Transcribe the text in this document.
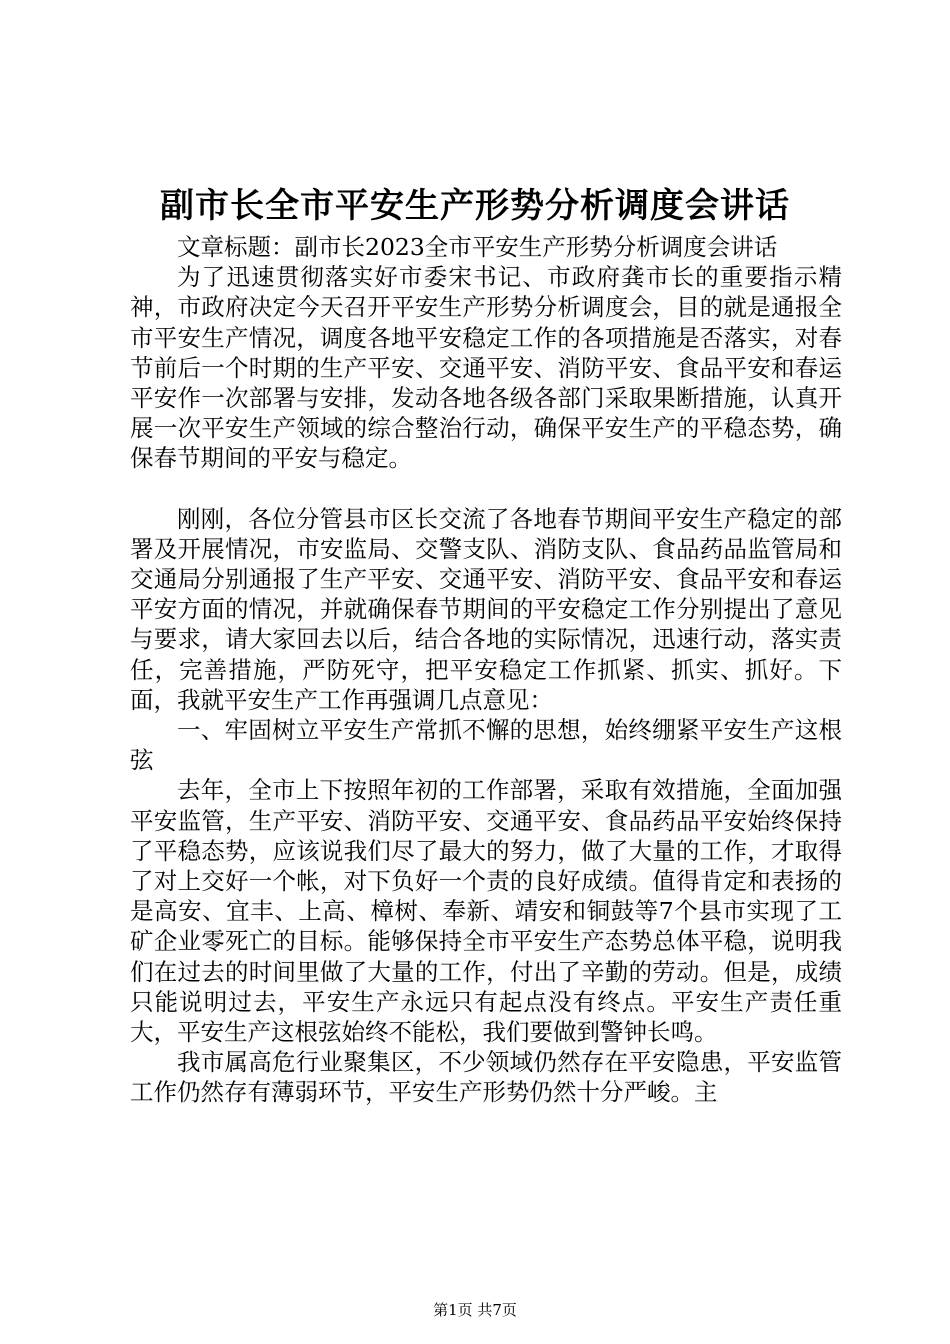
副市长全市平安生产形势分析调度会讲话

文章标题：副市长2023全市平安生产形势分析调度会讲话

为了迅速贯彻落实好市委宋书记、市政府龚市长的重要指示精神，市政府决定今天召开平安生产形势分析调度会，目的就是通报全市平安生产情况，调度各地平安稳定工作的各项措施是否落实，对春节前后一个时期的生产平安、交通平安、消防平安、食品平安和春运平安作一次部署与安排，发动各地各级各部门采取果断措施，认真开展一次平安生产领域的综合整治行动，确保平安生产的平稳态势，确保春节期间的平安与稳定。

刚刚，各位分管县市区长交流了各地春节期间平安生产稳定的部署及开展情况，市安监局、交警支队、消防支队、食品药品监管局和交通局分别通报了生产平安、交通平安、消防平安、食品平安和春运平安方面的情况，并就确保春节期间的平安稳定工作分别提出了意见与要求，请大家回去以后，结合各地的实际情况，迅速行动，落实责任，完善措施，严防死守，把平安稳定工作抓紧、抓实、抓好。下面，我就平安生产工作再强调几点意见：

一、牢固树立平安生产常抓不懈的思想，始终绷紧平安生产这根弦

去年，全市上下按照年初的工作部署，采取有效措施，全面加强平安监管，生产平安、消防平安、交通平安、食品药品平安始终保持了平稳态势，应该说我们尽了最大的努力，做了大量的工作，才取得了对上交好一个帐，对下负好一个责的良好成绩。值得肯定和表扬的是高安、宜丰、上高、樟树、奉新、靖安和铜鼓等7个县市实现了工矿企业零死亡的目标。能够保持全市平安生产态势总体平稳，说明我们在过去的时间里做了大量的工作，付出了辛勤的劳动。但是，成绩只能说明过去，平安生产永远只有起点没有终点。平安生产责任重大，平安生产这根弦始终不能松，我们要做到警钟长鸣。

我市属高危行业聚集区，不少领域仍然存在平安隐患，平安监管工作仍然存有薄弱环节，平安生产形势仍然十分严峻。主

第1页 共7页
